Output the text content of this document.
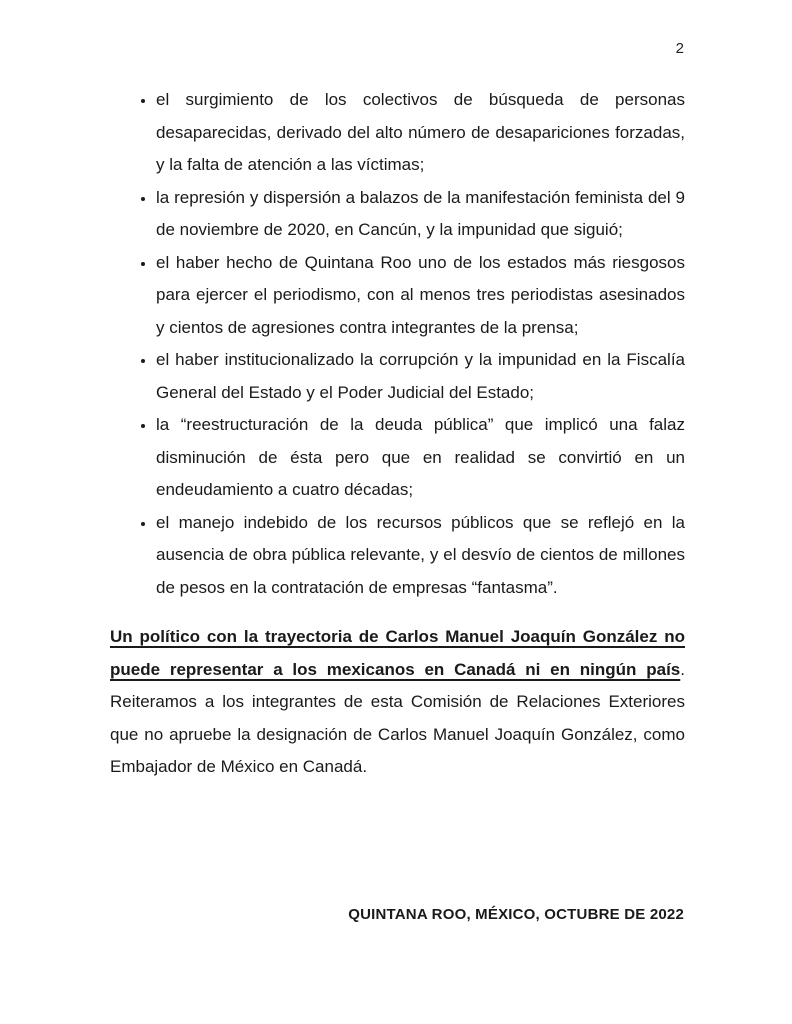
2
• el surgimiento de los colectivos de búsqueda de personas desaparecidas, derivado del alto número de desapariciones forzadas, y la falta de atención a las víctimas;
• la represión y dispersión a balazos de la manifestación feminista del 9 de noviembre de 2020, en Cancún, y la impunidad que siguió;
• el haber hecho de Quintana Roo uno de los estados más riesgosos para ejercer el periodismo, con al menos tres periodistas asesinados y cientos de agresiones contra integrantes de la prensa;
• el haber institucionalizado la corrupción y la impunidad en la Fiscalía General del Estado y el Poder Judicial del Estado;
• la “reestructuración de la deuda pública” que implicó una falaz disminución de ésta pero que en realidad se convirtió en un endeudamiento a cuatro décadas;
• el manejo indebido de los recursos públicos que se reflejó en la ausencia de obra pública relevante, y el desvío de cientos de millones de pesos en la contratación de empresas “fantasma”.

Un político con la trayectoria de Carlos Manuel Joaquín González no puede representar a los mexicanos en Canadá ni en ningún país. Reiteramos a los integrantes de esta Comisión de Relaciones Exteriores que no apruebe la designación de Carlos Manuel Joaquín González, como Embajador de México en Canadá.

QUINTANA ROO, MÉXICO, OCTUBRE DE 2022
